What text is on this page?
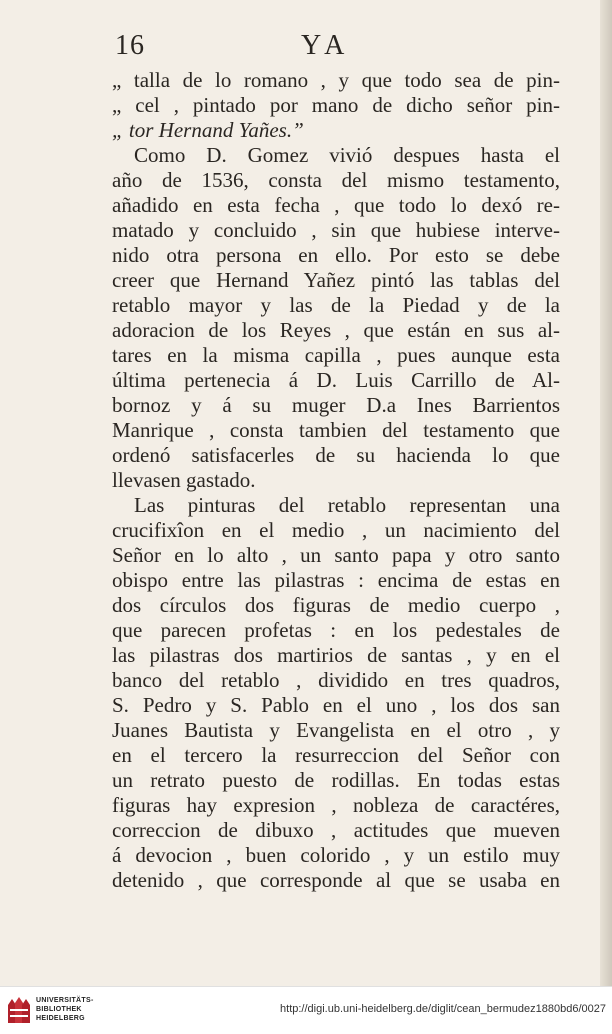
16	YA
„ talla de lo romano , y que todo sea de pin-
„ cel , pintado por mano de dicho señor pin-
„ tor Hernand Yañes.”
Como D. Gomez vivió despues hasta el
año de 1536, consta del mismo testamento,
añadido en esta fecha , que todo lo dexó re-
matado y concluido , sin que hubiese interve-
nido otra persona en ello. Por esto se debe
creer que Hernand Yañez pintó las tablas del
retablo mayor y las de la Piedad y de la
adoracion de los Reyes , que están en sus al-
tares en la misma capilla , pues aunque esta
última pertenecia á D. Luis Carrillo de Al-
bornoz y á su muger D.a Ines Barrientos
Manrique , consta tambien del testamento que
ordenó satisfacerles de su hacienda lo que
llevasen gastado.
Las pinturas del retablo representan una
crucifixîon en el medio , un nacimiento del
Señor en lo alto , un santo papa y otro santo
obispo entre las pilastras : encima de estas en
dos círculos dos figuras de medio cuerpo ,
que parecen profetas : en los pedestales de
las pilastras dos martirios de santas , y en el
banco del retablo , dividido en tres quadros,
S. Pedro y S. Pablo en el uno , los dos san
Juanes Bautista y Evangelista en el otro , y
en el tercero la resurreccion del Señor con
un retrato puesto de rodillas. En todas estas
figuras hay expresion , nobleza de caractéres,
correccion de dibuxo , actitudes que mueven
á devocion , buen colorido , y un estilo muy
detenido , que corresponde al que se usaba en
UNIVERSITÄTS-
BIBLIOTHEK
HEIDELBERG
http://digi.ub.uni-heidelberg.de/diglit/cean_bermudez1880bd6/0027
